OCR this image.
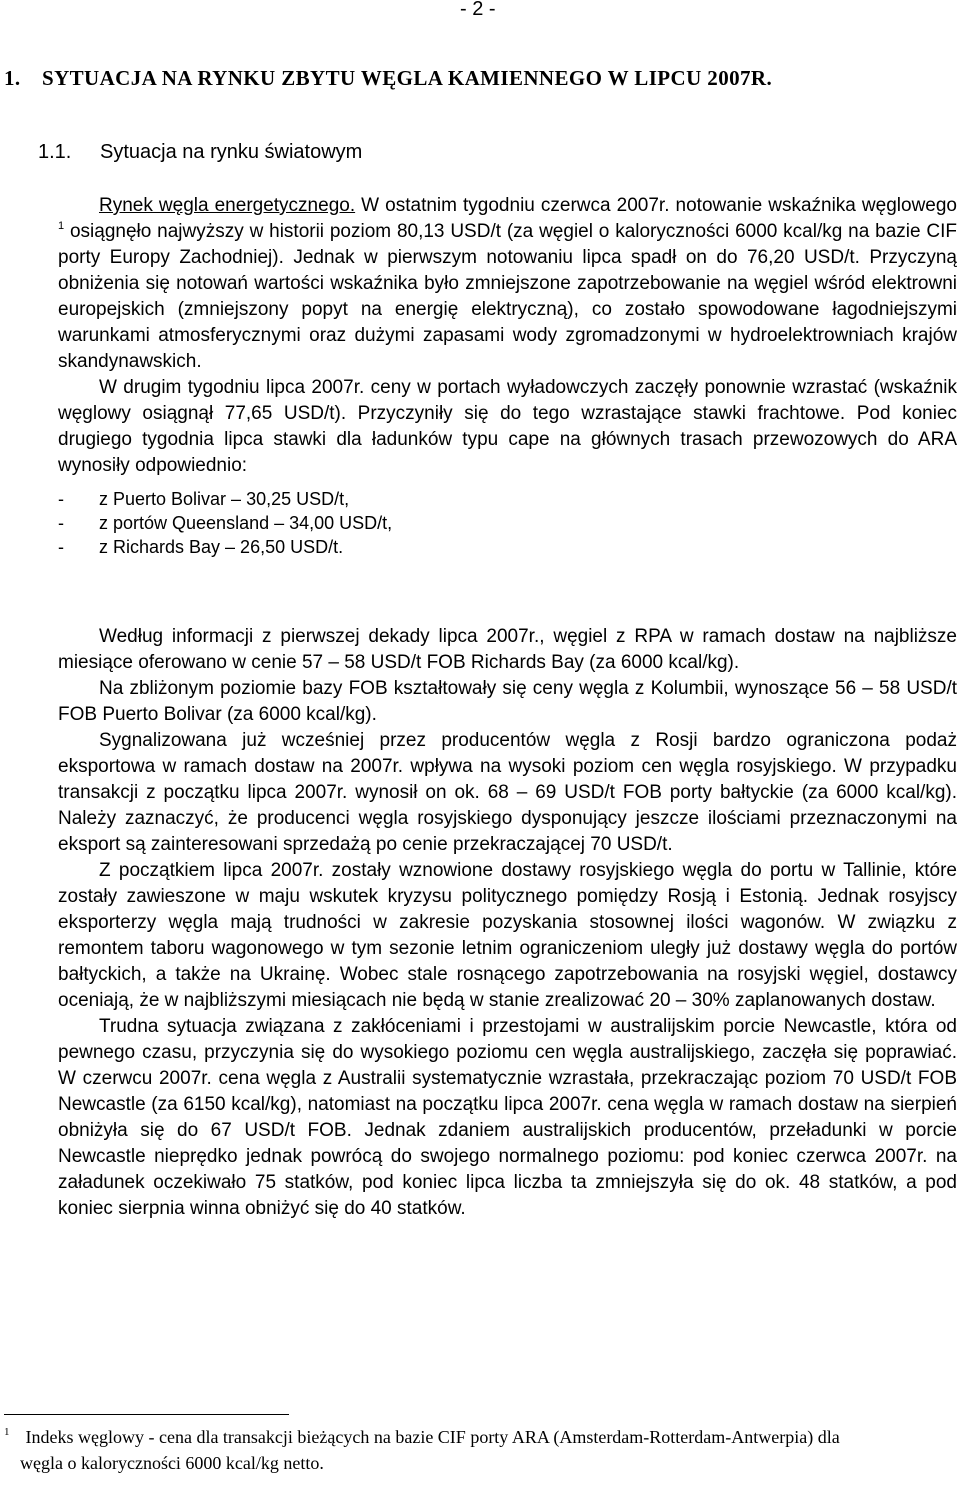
- 2 -
1. SYTUACJA NA RYNKU ZBYTU WĘGLA KAMIENNEGO W LIPCU 2007R.
1.1. Sytuacja na rynku światowym

Rynek węgla energetycznego. W ostatnim tygodniu czerwca 2007r. notowanie wskaźnika węglowego $^1$ osiągnęło najwyższy w historii poziom 80,13 USD/t (za węgiel o kaloryczności 6000 kcal/kg na bazie CIF porty Europy Zachodniej). Jednak w pierwszym notowaniu lipca spadł on do 76,20 USD/t. Przyczyną obniżenia się notowań wartości wskaźnika było zmniejszone zapotrzebowanie na węgiel wśród elektrowni europejskich (zmniejszony popyt na energię elektryczną), co zostało spowodowane łagodniejszymi warunkami atmosferycznymi oraz dużymi zapasami wody zgromadzonymi w hydroelektrowniach krajów skandynawskich.

W drugim tygodniu lipca 2007r. ceny w portach wyładowczych zaczęły ponownie wzrastać (wskaźnik węglowy osiągnął 77,65 USD/t). Przyczyniły się do tego wzrastające stawki frachtowe. Pod koniec drugiego tygodnia lipca stawki dla ładunków typu cape na głównych trasach przewozowych do ARA wynosiły odpowiednio:

- z Puerto Bolivar – 30,25 USD/t,
- z portów Queensland – 34,00 USD/t,
- z Richards Bay – 26,50 USD/t.

Według informacji z pierwszej dekady lipca 2007r., węgiel z RPA w ramach dostaw na najbliższe miesiące oferowano w cenie 57 – 58 USD/t FOB Richards Bay (za 6000 kcal/kg).

Na zbliżonym poziomie bazy FOB kształtowały się ceny węgla z Kolumbii, wynoszące 56 – 58 USD/t FOB Puerto Bolivar (za 6000 kcal/kg).

Sygnalizowana już wcześniej przez producentów węgla z Rosji bardzo ograniczona podaż eksportowa w ramach dostaw na 2007r. wpływa na wysoki poziom cen węgla rosyjskiego. W przypadku transakcji z początku lipca 2007r. wynosił on ok. 68 – 69 USD/t FOB porty bałtyckie (za 6000 kcal/kg). Należy zaznaczyć, że producenci węgla rosyjskiego dysponujący jeszcze ilościami przeznaczonymi na eksport są zainteresowani sprzedażą po cenie przekraczającej 70 USD/t.

Z początkiem lipca 2007r. zostały wznowione dostawy rosyjskiego węgla do portu w Tallinie, które zostały zawieszone w maju wskutek kryzysu politycznego pomiędzy Rosją i Estonią. Jednak rosyjscy eksporterzy węgla mają trudności w zakresie pozyskania stosownej ilości wagonów. W związku z remontem taboru wagonowego w tym sezonie letnim ograniczeniom uległy już dostawy węgla do portów bałtyckich, a także na Ukrainę. Wobec stale rosnącego zapotrzebowania na rosyjski węgiel, dostawcy oceniają, że w najbliższymi miesiącach nie będą w stanie zrealizować 20 – 30% zaplanowanych dostaw.

Trudna sytuacja związana z zakłóceniami i przestojami w australijskim porcie Newcastle, która od pewnego czasu, przyczynia się do wysokiego poziomu cen węgla australijskiego, zaczęła się poprawiać. W czerwcu 2007r. cena węgla z Australii systematycznie wzrastała, przekraczając poziom 70 USD/t FOB Newcastle (za 6150 kcal/kg), natomiast na początku lipca 2007r. cena węgla w ramach dostaw na sierpień obniżyła się do 67 USD/t FOB. Jednak zdaniem australijskich producentów, przeładunki w porcie Newcastle nieprędko jednak powrócą do swojego normalnego poziomu: pod koniec czerwca 2007r. na załadunek oczekiwało 75 statków, pod koniec lipca liczba ta zmniejszyła się do ok. 48 statków, a pod koniec sierpnia winna obniżyć się do 40 statków.

$^1$ Indeks węglowy - cena dla transakcji bieżących na bazie CIF porty ARA (Amsterdam-Rotterdam-Antwerpia) dla
węgla o kaloryczności 6000 kcal/kg netto.
